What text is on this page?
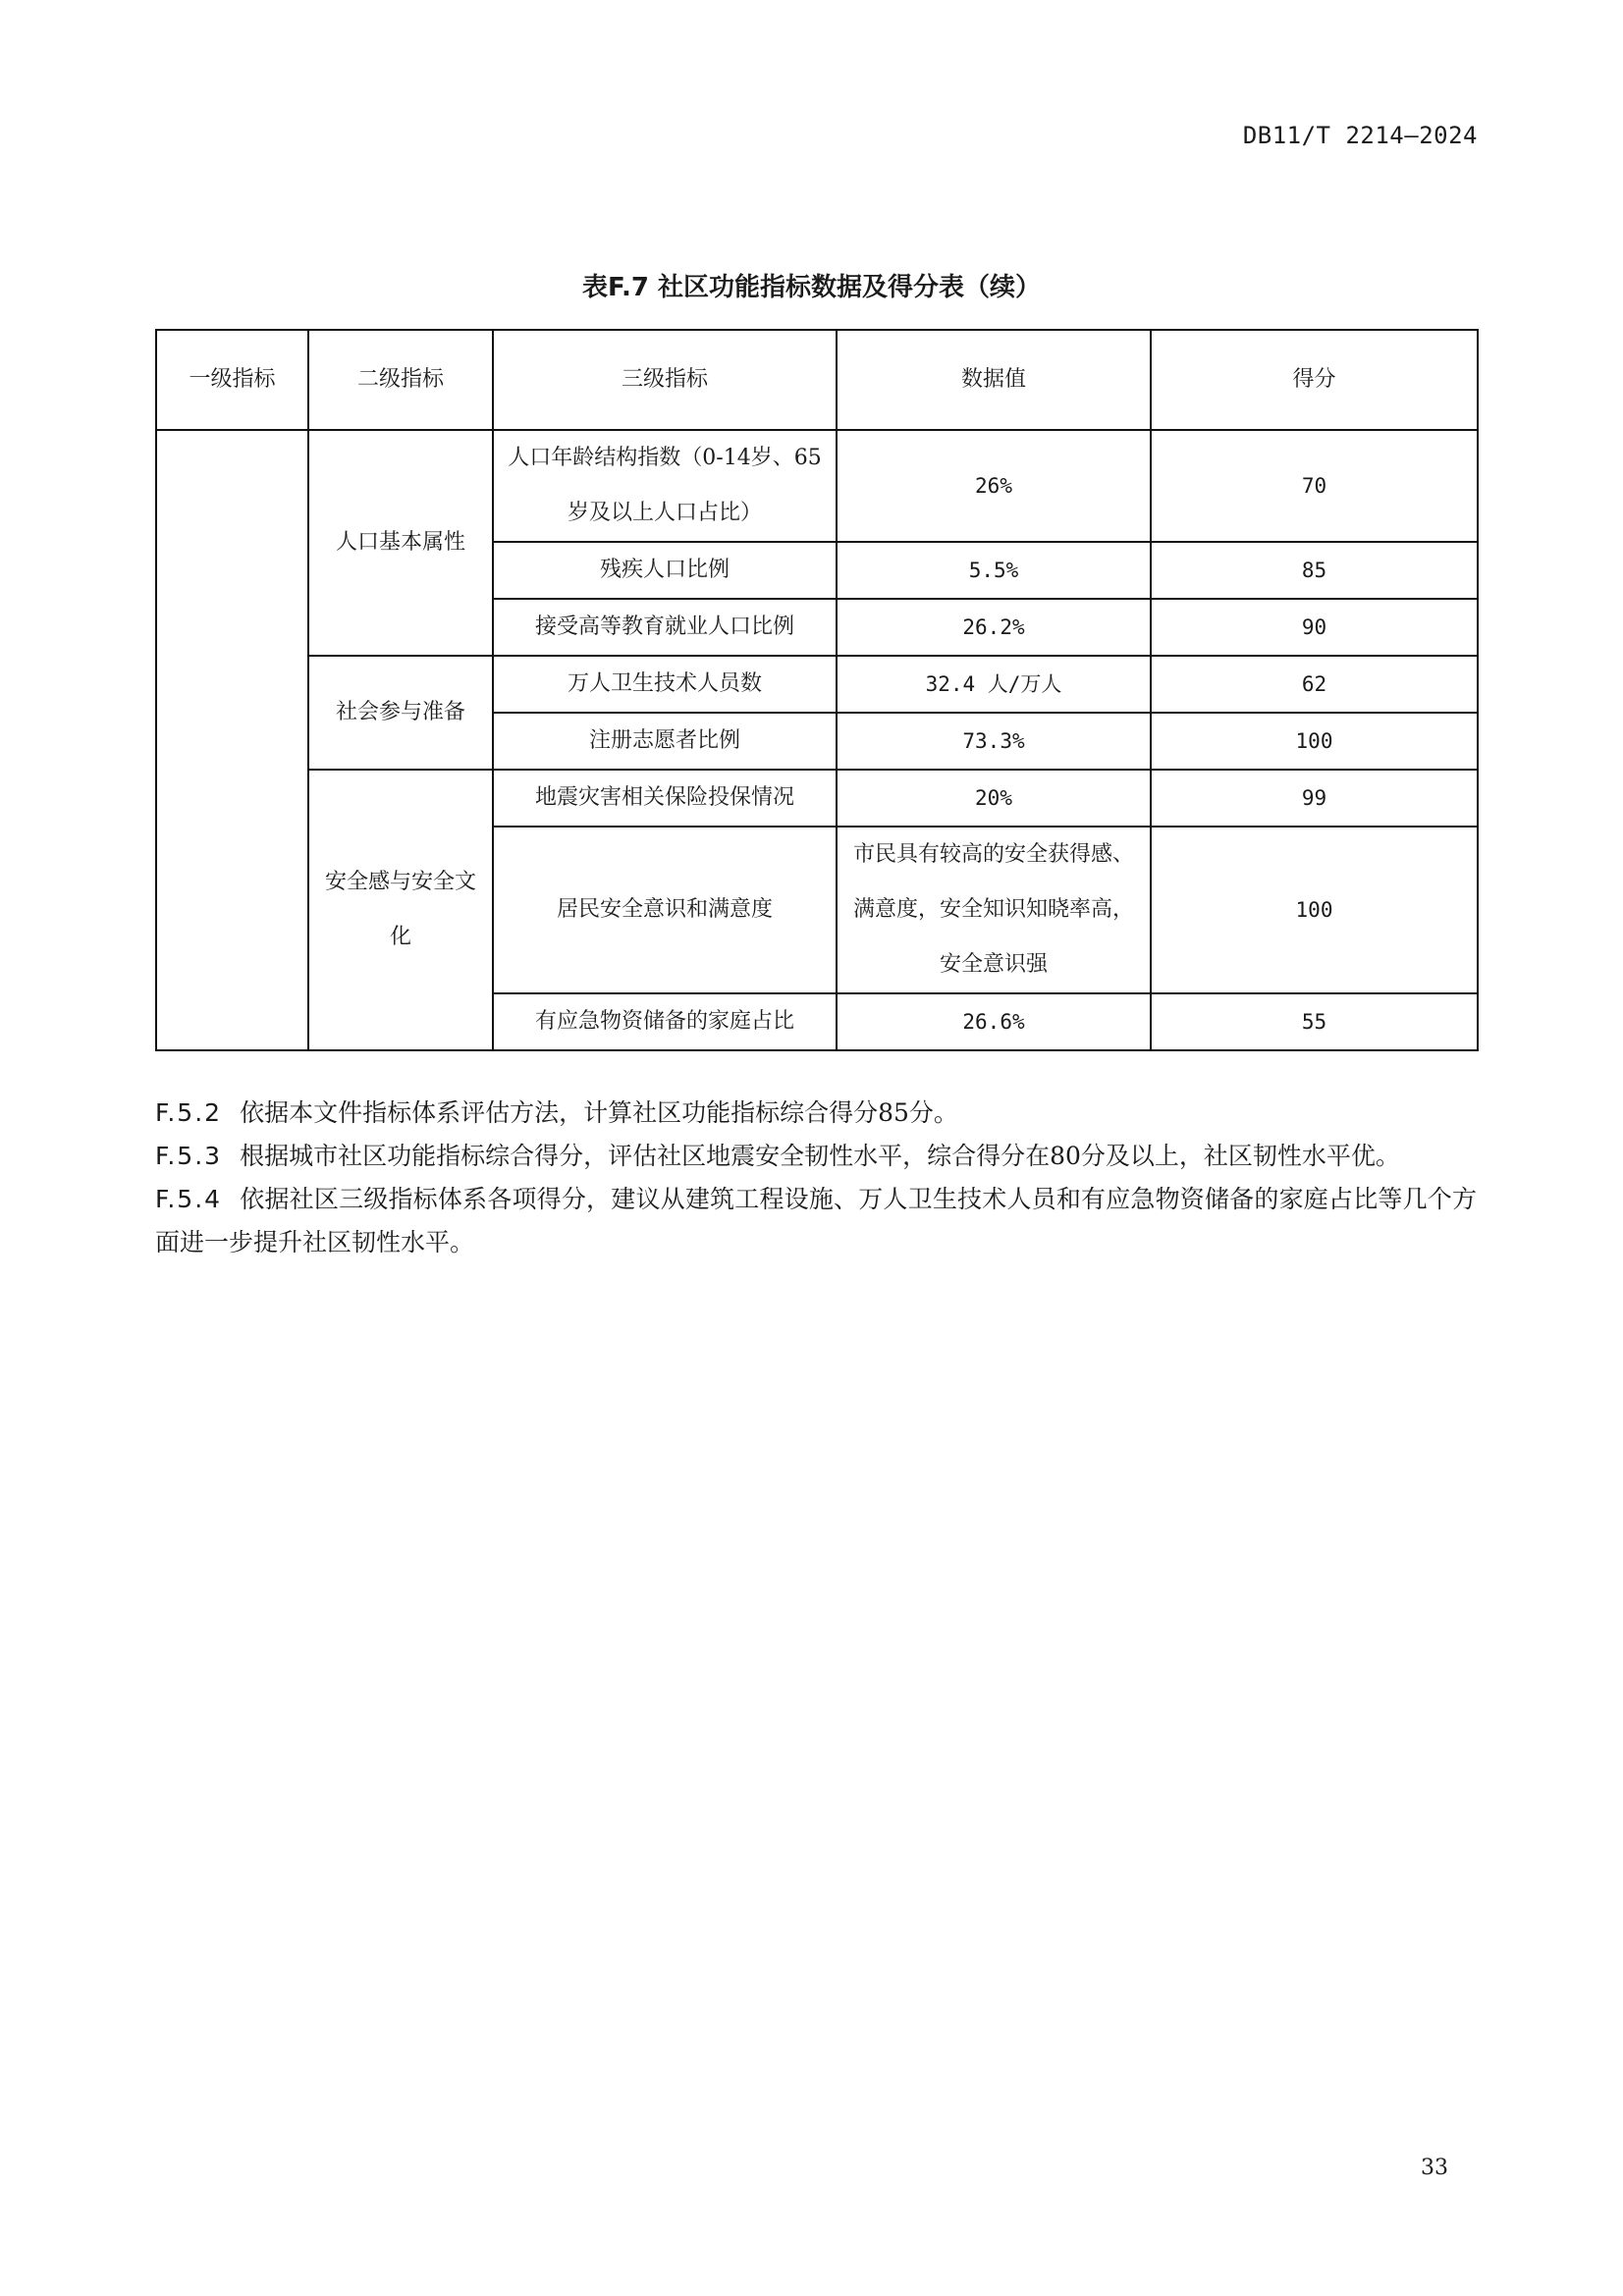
DB11/T 2214—2024
表F.7 社区功能指标数据及得分表（续）
一级指标	二级指标	三级指标	数据值	得分
	人口基本属性	人口年龄结构指数（0-14岁、65岁及以上人口占比）	26%	70
		残疾人口比例	5.5%	85
		接受高等教育就业人口比例	26.2%	90
	社会参与准备	万人卫生技术人员数	32.4 人/万人	62
		注册志愿者比例	73.3%	100
	安全感与安全文化	地震灾害相关保险投保情况	20%	99
		居民安全意识和满意度	市民具有较高的安全获得感、满意度，安全知识知晓率高，安全意识强	100
		有应急物资储备的家庭占比	26.6%	55

F.5.2 依据本文件指标体系评估方法，计算社区功能指标综合得分85分。

F.5.3 根据城市社区功能指标综合得分，评估社区地震安全韧性水平，综合得分在80分及以上，社区韧性水平优。

F.5.4 依据社区三级指标体系各项得分，建议从建筑工程设施、万人卫生技术人员和有应急物资储备的家庭占比等几个方面进一步提升社区韧性水平。

33
